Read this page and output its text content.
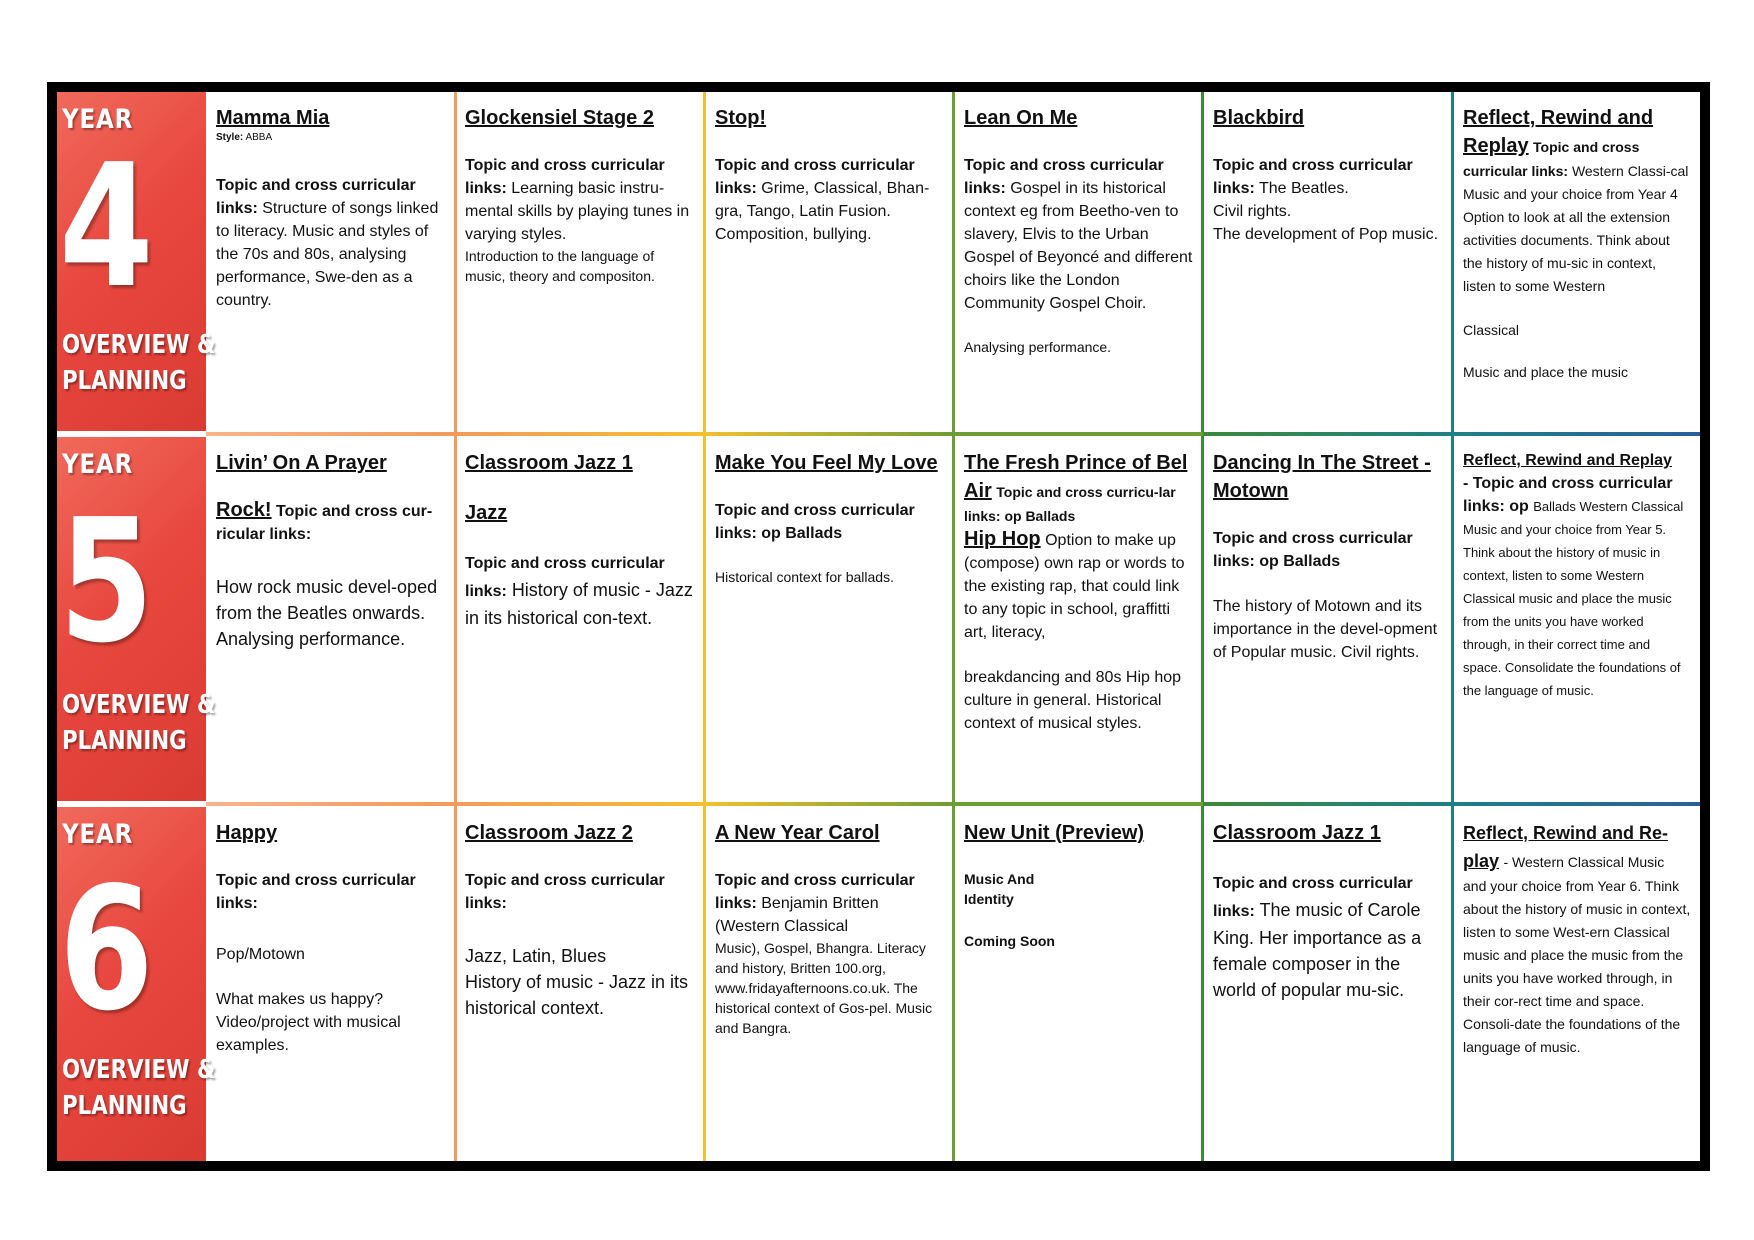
YEAR
4
OVERVIEW &
PLANNING
Mamma Mia
Style: ABBA
Topic and cross curricular links: Structure of songs linked to literacy. Music and styles of the 70s and 80s, analysing performance, Swe-den as a country.
Glockensiel Stage 2
Topic and cross curricular links: Learning basic instru-mental skills by playing tunes in varying styles.
Introduction to the language of music, theory and compositon.
Stop!
Topic and cross curricular links: Grime, Classical, Bhan-gra, Tango, Latin Fusion. Composition, bullying.
Lean On Me
Topic and cross curricular links: Gospel in its historical context eg from Beetho-ven to slavery, Elvis to the Urban Gospel of Beyoncé and different choirs like the London Community Gospel Choir.
Analysing performance.
Blackbird
Topic and cross curricular links: The Beatles.
Civil rights.
The development of Pop music.
Reflect, Rewind and Replay Topic and cross curricular links: Western Classi-cal Music and your choice from Year 4 Option to look at all the extension activities documents. Think about the history of mu-sic in context, listen to some Western
Classical
Music and place the music
YEAR
5
OVERVIEW &
PLANNING
Livin’ On A Prayer
Rock! Topic and cross cur-ricular links:
How rock music devel-oped from the Beatles onwards. Analysing performance.
Classroom Jazz 1
Jazz
Topic and cross curricular links: History of music - Jazz in its historical con-text.
Make You Feel My Love
Topic and cross curricular links: op Ballads
Historical context for ballads.
The Fresh Prince of Bel Air Topic and cross curricu-lar links: op Ballads
Hip Hop Option to make up (compose) own rap or words to the existing rap, that could link to any topic in school, graffitti art, literacy,
breakdancing and 80s Hip hop
culture in general. Historical context of musical styles.
Dancing In The Street - Motown
Topic and cross curricular links: op Ballads
The history of Motown and its importance in the devel-opment of Popular music. Civil rights.
Reflect, Rewind and Replay
- Topic and cross curricular links: op Ballads Western Classical Music and your choice from Year 5. Think about the history of music in context, listen to some Western Classical music and place the music from the units you have worked through, in their correct time and space. Consolidate the foundations of the language of music.
YEAR
6
OVERVIEW &
PLANNING
Happy
Topic and cross curricular links:
Pop/Motown
What makes us happy? Video/project with musical examples.
Classroom Jazz 2
Topic and cross curricular links:
Jazz, Latin, Blues
History of music - Jazz in its historical context.
A New Year Carol
Topic and cross curricular links: Benjamin Britten (Western Classical
Music), Gospel, Bhangra. Literacy and history, Britten 100.org, www.fridayafternoons.co.uk. The historical context of Gos-pel. Music and Bangra.
New Unit (Preview)
Music And Identity
Coming Soon
Classroom Jazz 1
Topic and cross curricular links: The music of Carole King. Her importance as a female composer in the world of popular mu-sic.
Reflect, Rewind and Re-play - Western Classical Music and your choice from Year 6. Think about the history of music in context, listen to some West-ern Classical music and place the music from the units you have worked through, in their cor-rect time and space. Consoli-date the foundations of the language of music.
